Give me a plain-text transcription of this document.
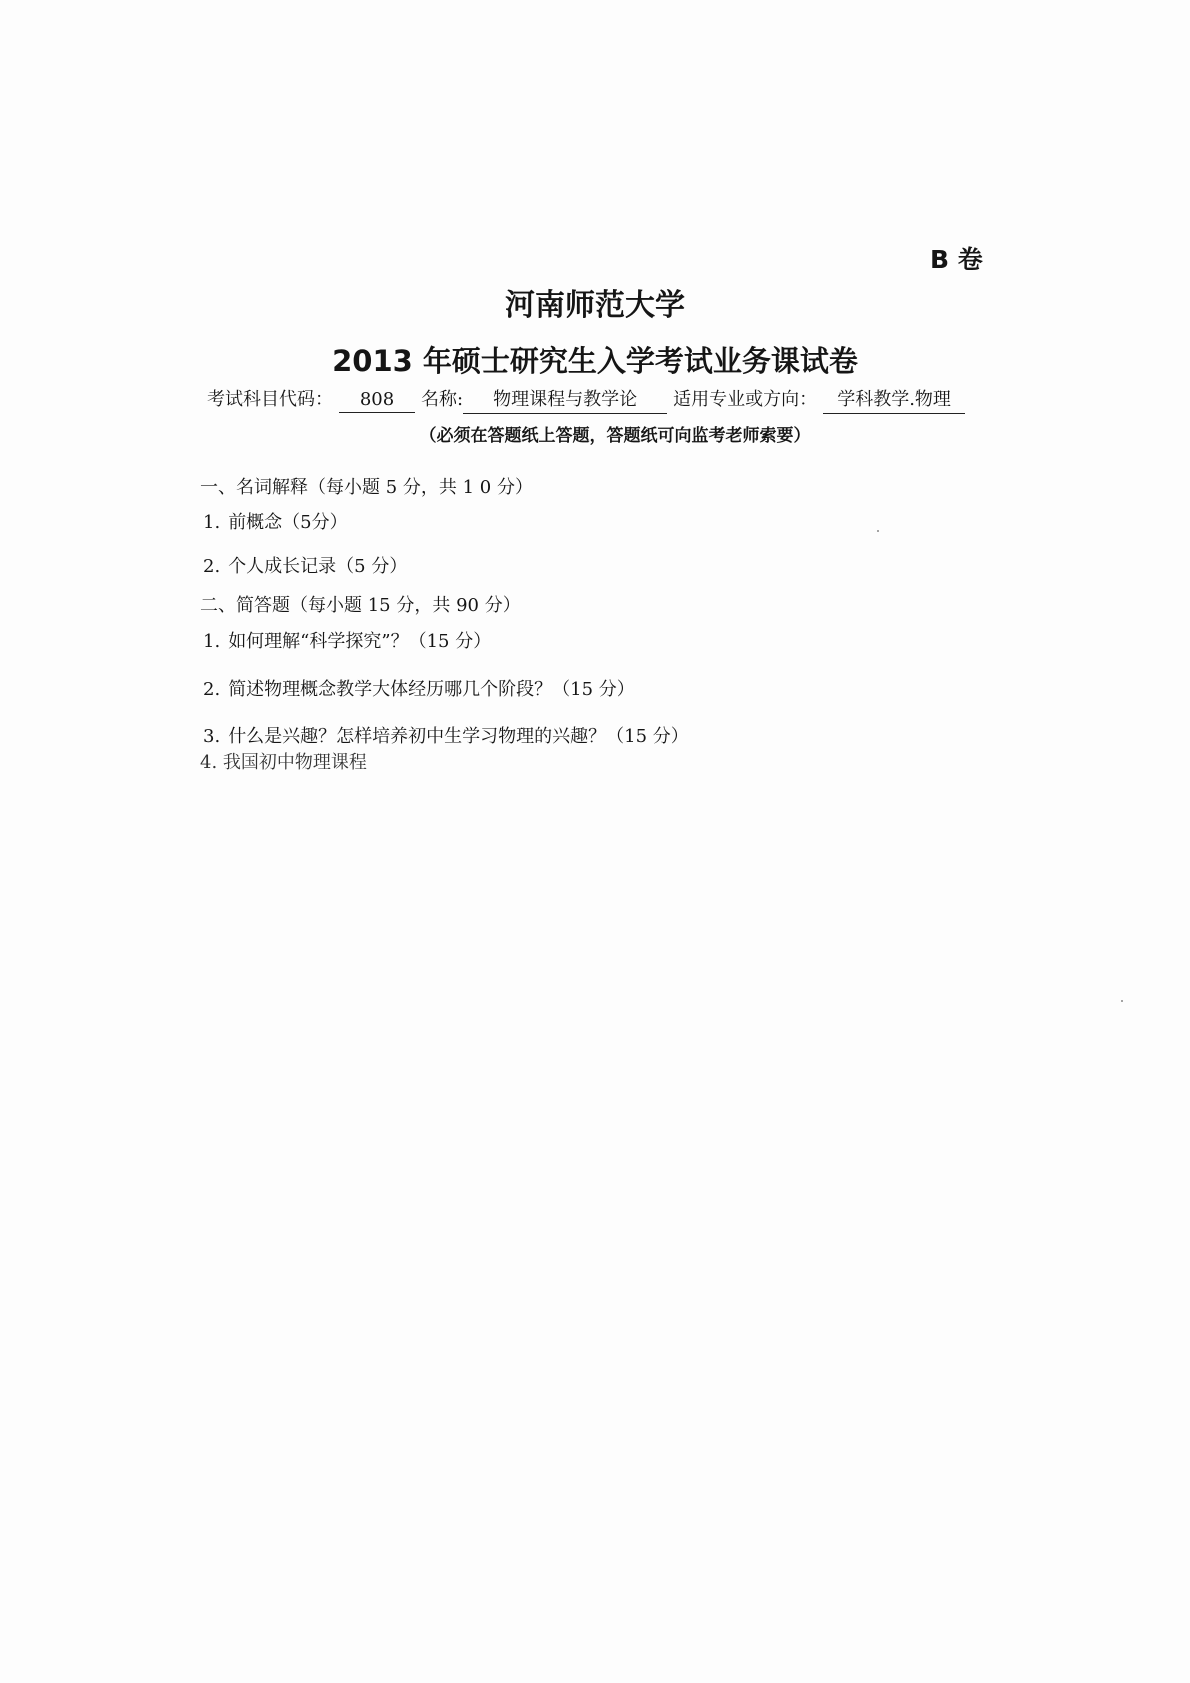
B 卷
河南师范大学
2013 年硕士研究生入学考试业务课试卷
考试科目代码： 808 名称: 物理课程与教学论 适用专业或方向： 学科教学.物理
（必须在答题纸上答题，答题纸可向监考老师索要）
一、名词解释（每小题 5 分，共 1 0 分）
1. 前概念（5分）
2. 个人成长记录（5 分）
二、简答题（每小题 15 分，共 90 分）
1. 如何理解“科学探究”？（15 分）
2. 简述物理概念教学大体经历哪几个阶段？（15 分）
3. 什么是兴趣？怎样培养初中生学习物理的兴趣？（15 分）
4. 我国初中物理课程
